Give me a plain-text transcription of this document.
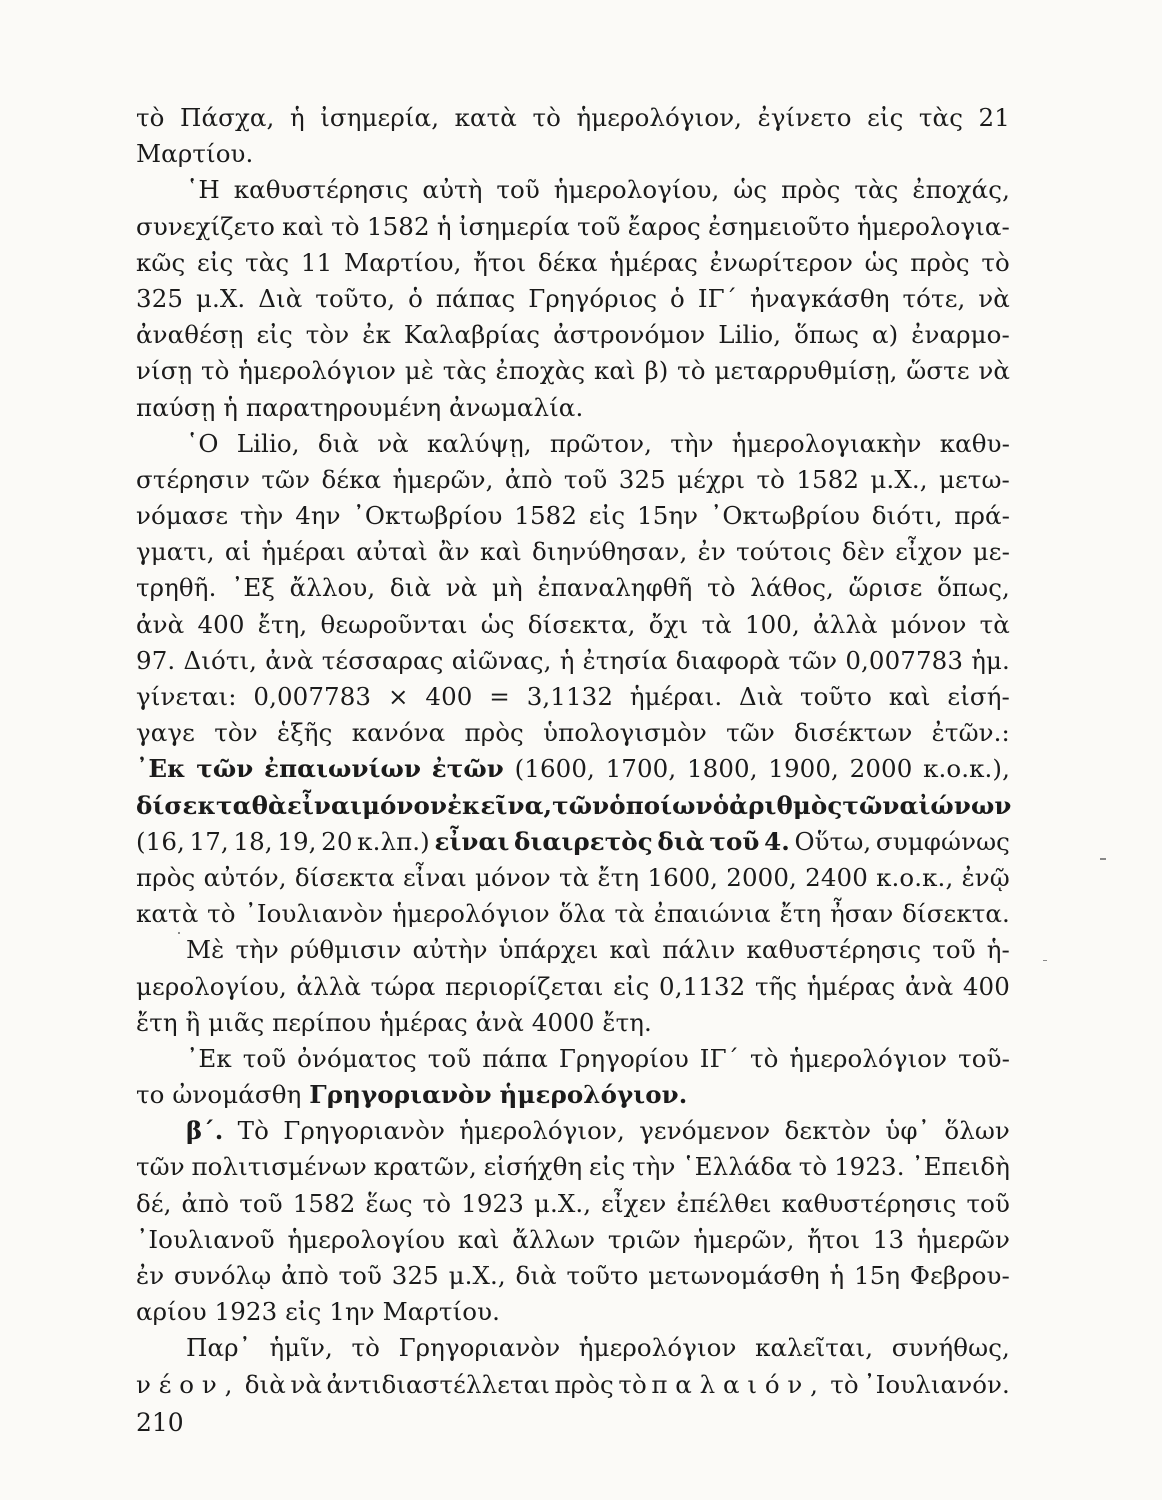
τὸ Πάσχα, ἡ ἰσημερία, κατὰ τὸ ἡμερολόγιον, ἐγίνετο εἰς τὰς 21
Μαρτίου.
῾Η καθυστέρησις αὐτὴ τοῦ ἡμερολογίου, ὡς πρὸς τὰς ἐποχάς,
συνεχίζετο καὶ τὸ 1582 ἡ ἰσημερία τοῦ ἔαρος ἐσημειοῦτο ἡμερολογια-
κῶς εἰς τὰς 11 Μαρτίου, ἤτοι δέκα ἡμέρας ἐνωρίτερον ὡς πρὸς τὸ
325 μ.Χ. Διὰ τοῦτο, ὁ πάπας Γρηγόριος ὁ ΙΓ´ ἠναγκάσθη τότε, νὰ
ἀναθέσῃ εἰς τὸν ἐκ Καλαβρίας ἀστρονόμον Lilio, ὅπως α) ἐναρμο-
νίσῃ τὸ ἡμερολόγιον μὲ τὰς ἐποχὰς καὶ β) τὸ μεταρρυθμίσῃ, ὥστε νὰ
παύσῃ ἡ παρατηρουμένη ἀνωμαλία.
῾Ο Lilio, διὰ νὰ καλύψῃ, πρῶτον, τὴν ἡμερολογιακὴν καθυ-
στέρησιν τῶν δέκα ἡμερῶν, ἀπὸ τοῦ 325 μέχρι τὸ 1582 μ.Χ., μετω-
νόμασε τὴν 4ην ᾿Οκτωβρίου 1582 εἰς 15ην ᾿Οκτωβρίου διότι, πρά-
γματι, αἱ ἡμέραι αὐταὶ ἂν καὶ διηνύθησαν, ἐν τούτοις δὲν εἶχον με-
τρηθῆ. ᾿Εξ ἄλλου, διὰ νὰ μὴ ἐπαναληφθῆ τὸ λάθος, ὥρισε ὅπως,
ἀνὰ 400 ἔτη, θεωροῦνται ὡς δίσεκτα, ὄχι τὰ 100, ἀλλὰ μόνον τὰ
97. Διότι, ἀνὰ τέσσαρας αἰῶνας, ἡ ἐτησία διαφορὰ τῶν 0,007783 ἡμ.
γίνεται: 0,007783 × 400 = 3,1132 ἡμέραι. Διὰ τοῦτο καὶ εἰσή-
γαγε τὸν ἑξῆς κανόνα πρὸς ὑπολογισμὸν τῶν δισέκτων ἐτῶν.:
᾿Εκ τῶν ἐπαιωνίων ἐτῶν (1600, 1700, 1800, 1900, 2000 κ.ο.κ.),
δίσεκτα θὰ εἶναι μόνον ἐκεῖνα, τῶν ὁποίων ὁ ἀριθμὸς τῶν αἰώνων
(16, 17, 18, 19, 20 κ.λπ.) εἶναι διαιρετὸς διὰ τοῦ 4. Οὕτω, συμφώνως
πρὸς αὐτόν, δίσεκτα εἶναι μόνον τὰ ἔτη 1600, 2000, 2400 κ.ο.κ., ἐνῷ
κατὰ τὸ ᾿Ιουλιανὸν ἡμερολόγιον ὅλα τὰ ἐπαιώνια ἔτη ἦσαν δίσεκτα.
Μὲ τὴν ρύθμισιν αὐτὴν ὑπάρχει καὶ πάλιν καθυστέρησις τοῦ ἡ-
μερολογίου, ἀλλὰ τώρα περιορίζεται εἰς 0,1132 τῆς ἡμέρας ἀνὰ 400
ἔτη ἢ μιᾶς περίπου ἡμέρας ἀνὰ 4000 ἔτη.
᾿Εκ τοῦ ὀνόματος τοῦ πάπα Γρηγορίου ΙΓ´ τὸ ἡμερολόγιον τοῦ-
το ὠνομάσθη Γρηγοριανὸν ἡμερολόγιον.
β´. Τὸ Γρηγοριανὸν ἡμερολόγιον, γενόμενον δεκτὸν ὑφ᾿ ὅλων
τῶν πολιτισμένων κρατῶν, εἰσήχθη εἰς τὴν ῾Ελλάδα τὸ 1923. ᾿Επειδὴ
δέ, ἀπὸ τοῦ 1582 ἕως τὸ 1923 μ.Χ., εἶχεν ἐπέλθει καθυστέρησις τοῦ
᾿Ιουλιανοῦ ἡμερολογίου καὶ ἄλλων τριῶν ἡμερῶν, ἤτοι 13 ἡμερῶν
ἐν συνόλῳ ἀπὸ τοῦ 325 μ.Χ., διὰ τοῦτο μετωνομάσθη ἡ 15η Φεβρου-
αρίου 1923 εἰς 1ην Μαρτίου.
Παρ᾿ ἡμῖν, τὸ Γρηγοριανὸν ἡμερολόγιον καλεῖται, συνήθως,
νέον, διὰ νὰ ἀντιδιαστέλλεται πρὸς τὸ παλαιόν, τὸ ᾿Ιουλιανόν.
210
